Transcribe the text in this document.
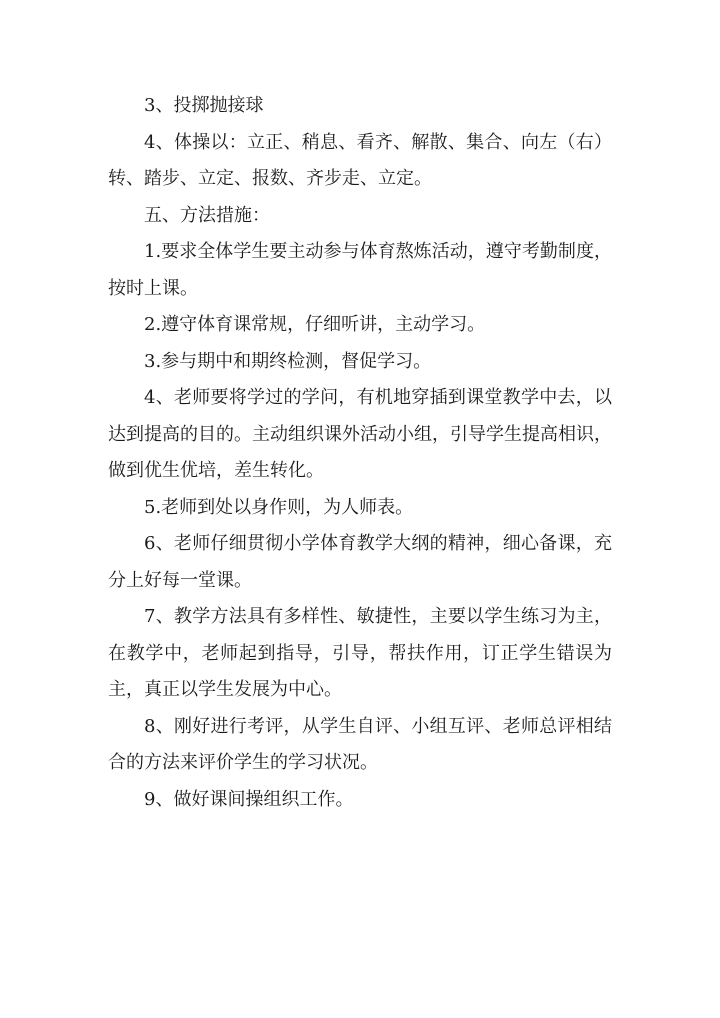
3、投掷抛接球

4、体操以：立正、稍息、看齐、解散、集合、向左（右）转、踏步、立定、报数、齐步走、立定。

五、方法措施：

1.要求全体学生要主动参与体育熬炼活动，遵守考勤制度，按时上课。

2.遵守体育课常规，仔细听讲，主动学习。

3.参与期中和期终检测，督促学习。

4、老师要将学过的学问，有机地穿插到课堂教学中去，以达到提高的目的。主动组织课外活动小组，引导学生提高相识，做到优生优培，差生转化。

5.老师到处以身作则，为人师表。

6、老师仔细贯彻小学体育教学大纲的精神，细心备课，充分上好每一堂课。

7、教学方法具有多样性、敏捷性，主要以学生练习为主，在教学中，老师起到指导，引导，帮扶作用，订正学生错误为主，真正以学生发展为中心。

8、刚好进行考评，从学生自评、小组互评、老师总评相结合的方法来评价学生的学习状况。

9、做好课间操组织工作。
